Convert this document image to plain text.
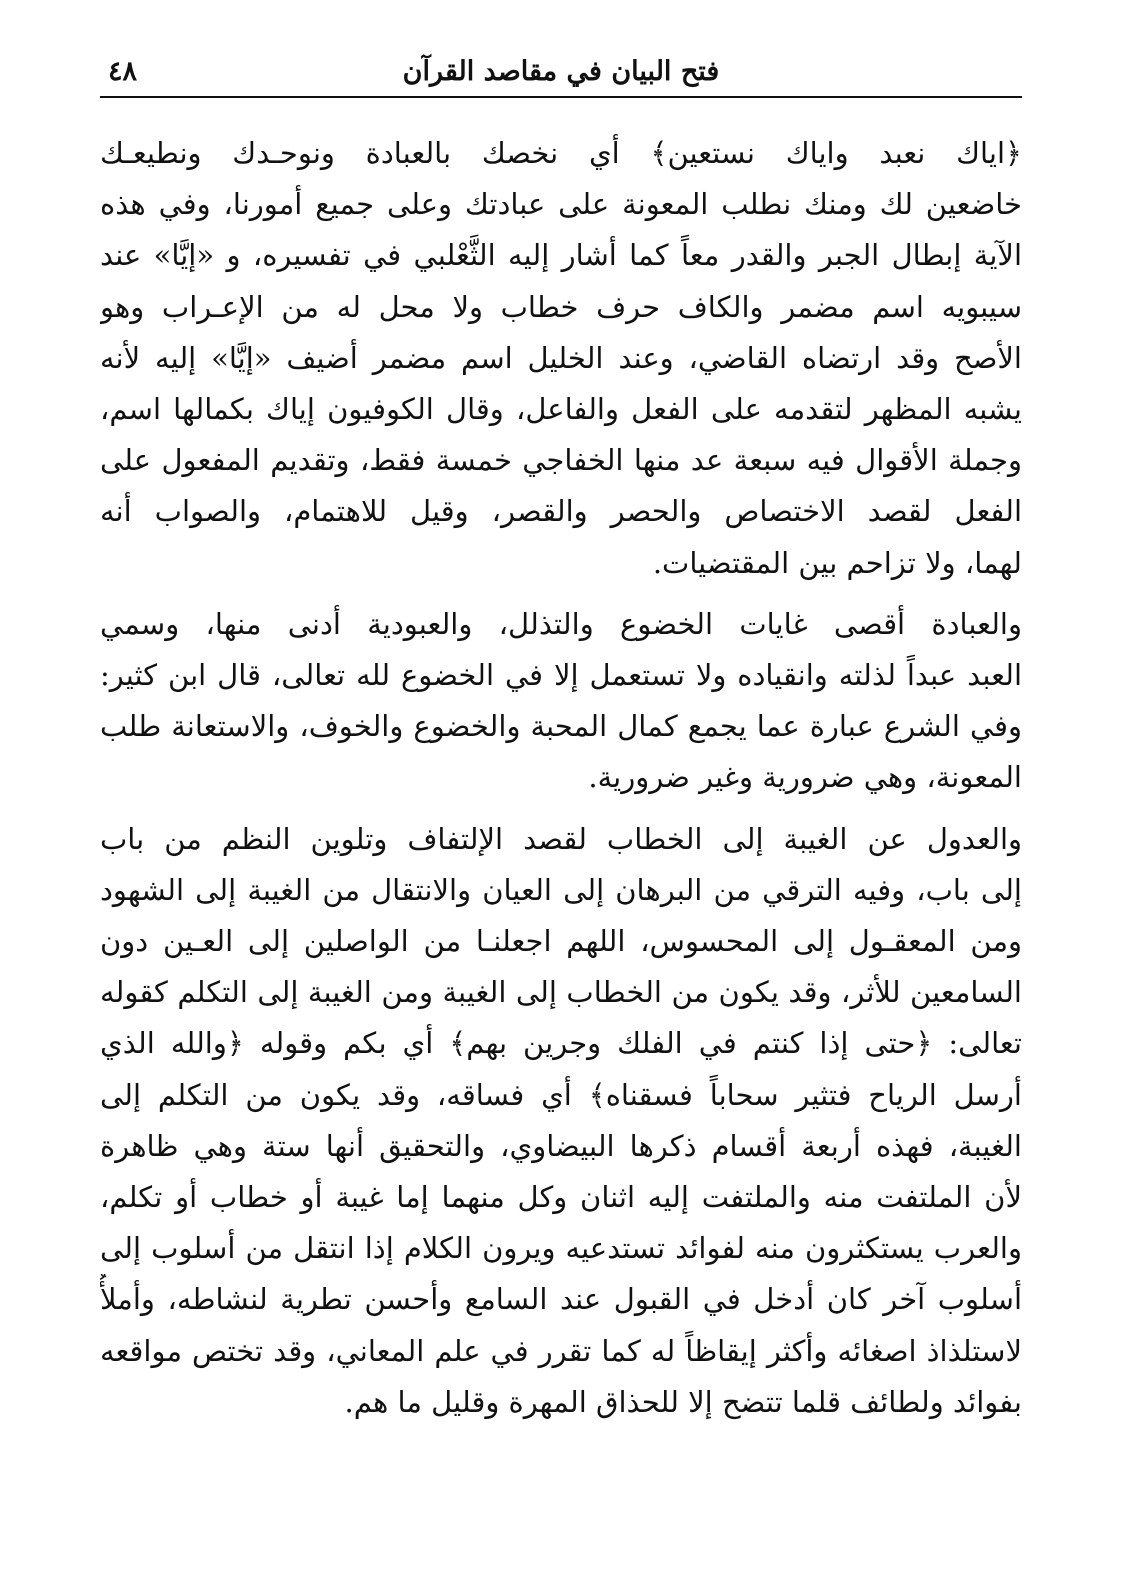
فتح البيان في مقاصد القرآن
٤٨
﴿اياك نعبد واياك نستعين﴾ أي نخصك بالعبادة ونوحـدك ونطيعـك
خاضعين لك ومنك نطلب المعونة على عبادتك وعلى جميع أمورنا، وفي هذه
الآية إبطال الجبر والقدر معاً كما أشار إليه الثَّعْلبي في تفسيره، و «إيَّا» عند
سيبويه اسم مضمر والكاف حرف خطاب ولا محل له من الإعـراب وهو
الأصح وقد ارتضاه القاضي، وعند الخليل اسم مضمر أضيف «إيَّا» إليه لأنه
يشبه المظهر لتقدمه على الفعل والفاعل، وقال الكوفيون إياك بكمالها اسم،
وجملة الأقوال فيه سبعة عد منها الخفاجي خمسة فقط، وتقديم المفعول على
الفعل لقصد الاختصاص والحصر والقصر، وقيل للاهتمام، والصواب أنه
لهما، ولا تزاحم بين المقتضيات.
والعبادة أقصى غايات الخضوع والتذلل، والعبودية أدنى منها، وسمي
العبد عبداً لذلته وانقياده ولا تستعمل إلا في الخضوع لله تعالى، قال ابن كثير:
وفي الشرع عبارة عما يجمع كمال المحبة والخضوع والخوف، والاستعانة طلب
المعونة، وهي ضرورية وغير ضرورية.
والعدول عن الغيبة إلى الخطاب لقصد الإلتفاف وتلوين النظم من باب
إلى باب، وفيه الترقي من البرهان إلى العيان والانتقال من الغيبة إلى الشهود
ومن المعقـول إلى المحسوس، اللهم اجعلنـا من الواصلين إلى العـين دون
السامعين للأثر، وقد يكون من الخطاب إلى الغيبة ومن الغيبة إلى التكلم كقوله
تعالى: ﴿حتى إذا كنتم في الفلك وجرين بهم﴾ أي بكم وقوله ﴿والله الذي
أرسل الرياح فتثير سحاباً فسقناه﴾ أي فساقه، وقد يكون من التكلم إلى
الغيبة، فهذه أربعة أقسام ذكرها البيضاوي، والتحقيق أنها ستة وهي ظاهرة
لأن الملتفت منه والملتفت إليه اثنان وكل منهما إما غيبة أو خطاب أو تكلم،
والعرب يستكثرون منه لفوائد تستدعيه ويرون الكلام إذا انتقل من أسلوب إلى
أسلوب آخر كان أدخل في القبول عند السامع وأحسن تطرية لنشاطه، وأملأُ
لاستلذاذ اصغائه وأكثر إيقاظاً له كما تقرر في علم المعاني، وقد تختص مواقعه
بفوائد ولطائف قلما تتضح إلا للحذاق المهرة وقليل ما هم.
